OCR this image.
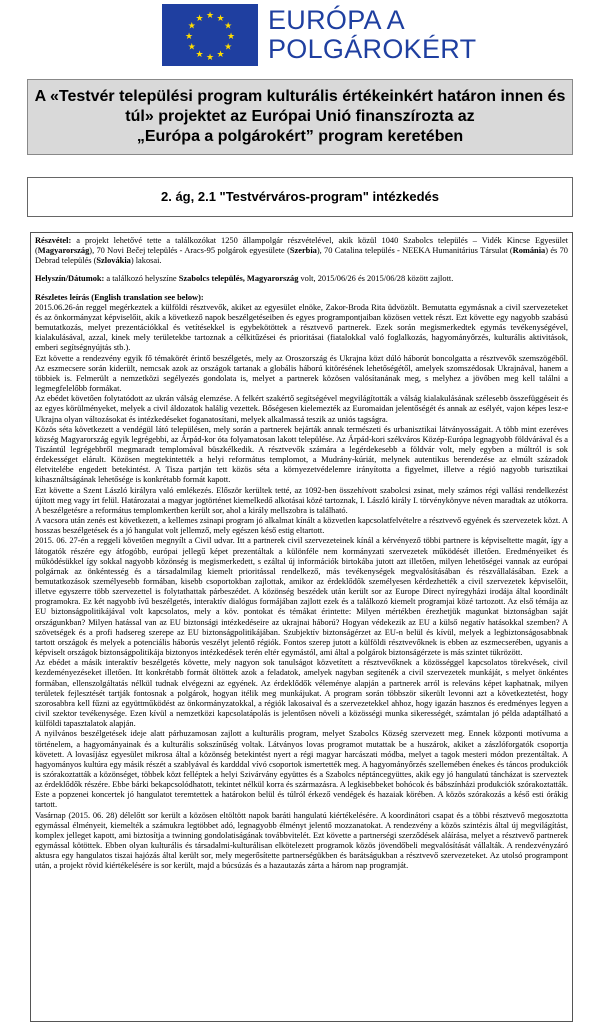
★ ★
★
★
★
★
★
★
★
★
★
★ EURÓPA A
POLGÁROKÉRT
A «Testvér települési program kulturális értékeinkért határon innen és
túl» projektet az Európai Unió finanszírozta az
„Európa a polgárokért” program keretében
2. ág, 2.1 "Testvérváros-program" intézkedés

Részvétel: a projekt lehetővé tette a találkozókat 1250 állampolgár részvételével, akik közül 1040 Szabolcs település – Vidék Kincse Egyesület (Magyarország), 70 Novi Bečej település - Aracs-95 polgárok egyesülete (Szerbia), 70 Catalina település - NEEKA Humanitárius Társulat (Románia) és 70 Debrad település (Szlovákia) lakosai.

Helyszín/Dátumok: a találkozó helyszíne Szabolcs település, Magyarország volt, 2015/06/26 és 2015/06/28 között zajlott.

Részletes leírás (English translation see below):

2015.06.26-án reggel megérkeztek a külföldi résztvevők, akiket az egyesület elnöke, Zakor-Broda Rita üdvözölt. Bemutatta egymásnak a civil szervezeteket és az önkormányzat képviselőit, akik a következő napok beszélgetéseiben és egyes programpontjaiban közösen vettek részt. Ezt követte egy nagyobb szabású bemutatkozás, melyet prezentációkkal és vetítésekkel is egybekötöttek a résztvevő partnerek. Ezek során megismerkedtek egymás tevékenységével, kialakulásával, azzal, kinek mely területekbe tartoznak a célkitűzései és prioritásai (fiatalokkal való foglalkozás, hagyományőrzés, kulturális aktivitások, emberi segítségnyújtás stb.).

Ezt követte a rendezvény egyik fő témakörét érintő beszélgetés, mely az Oroszország és Ukrajna közt dúló háborút boncolgatta a résztvevők szemszögéből. Az eszmecsere során kiderült, nemcsak azok az országok tartanak a globális háború kitörésének lehetőségétől, amelyek szomszédosak Ukrajnával, hanem a többiek is. Felmerült a nemzetközi segélyezés gondolata is, melyet a partnerek közösen valósítanának meg, s melyhez a jövőben meg kell találni a legmegfelelőbb formákat.

Az ebédet követően folytatódott az ukrán válság elemzése. A felkért szakértő segítségével megvilágították a válság kialakulásának szélesebb összefüggéseit és az egyes körülményeket, melyek a civil áldozatok halálig vezettek. Bőségesen kielemezték az Euromaidan jelentőségét és annak az esélyét, vajon képes lesz-e Ukrajna olyan változásokat és intézkedéseket foganatosítani, melyek alkalmassá teszik az uniós tagságra.

Közös séta következett a vendégül látó településen, mely során a partnerek bejárták annak természeti és urbanisztikai látványosságait. A több mint ezeréves község Magyarország egyik legrégebbi, az Árpád-kor óta folyamatosan lakott települése. Az Árpád-kori székváros Közép-Európa legnagyobb földvárával és a Tiszántúl legrégebbről megmaradt templomával büszkélkedik. A résztvevők számára a legérdekesebb a földvár volt, mely egyben a múltról is sok érdekességet elárult. Közösen megtekintették a helyi református templomot, a Mudrány-kúriát, melynek autentikus berendezése az elmúlt századok életvitelébe engedett betekintést. A Tisza partján tett közös séta a környezetvédelemre irányította a figyelmet, illetve a régió nagyobb turisztikai kihasználtságának lehetősége is konkrétabb formát kapott.

Ezt követte a Szent László királyra való emlékezés. Először kerültek tetté, az 1092-ben összehívott szabolcsi zsinat, mely számos régi vallási rendelkezést újított meg vagy írt felül. Határozatai a magyar jogtörténet kiemelkedő alkotásai közé tartoznak, I. László király I. törvénykönyve néven maradtak az utókorra. A beszélgetésre a református templomkertben került sor, ahol a király mellszobra is található.

A vacsora után zenés est következett, a kellemes zsinapi program jó alkalmat kínált a közvetlen kapcsolatfelvételre a résztvevő egyének és szervezetek közt. A hosszas beszélgetések és a jó hangulat volt jellemző, mely egészen késő estig eltartott.

2015. 06. 27-én a reggeli követően megnyílt a Civil udvar. Itt a partnerek civil szervezeteinek kínál a kérvényező többi partnere is képviseltette magát, így a látogatók részére egy átfogóbb, európai jellegű képet prezentáltak a különféle nem kormányzati szervezetek működését illetően. Eredményeiket és működésükkel így sokkal nagyobb közönség is megismerkedett, s ezáltal új információk birtokába jutott azt illetően, milyen lehetőségei vannak az európai polgárnak az önkéntesség és a társadalmilag kiemelt prioritással rendelkező, más tevékenységek megvalósításában és részvállalásában. Ezek a bemutatkozások személyesebb formában, kisebb csoportokban zajlottak, amikor az érdeklődők személyesen kérdezhették a civil szervezetek képviselőit, illetve egyszerre több szervezettel is folytathattak párbeszédet. A közönség beszédek után került sor az Europe Direct nyíregyházi irodája által koordinált programokra. Ez két nagyobb ívű beszélgetés, interaktív dialógus formájában zajlott ezek és a találkozó kiemelt programjai közé tartozott. Az első témája az EU biztonságpolitikájával volt kapcsolatos, mely a köv. pontokat és témákat érintette: Milyen mértékben érezhetjük magunkat biztonságban saját országunkban? Milyen hatással van az EU biztonsági intézkedéseire az ukrajnai háború? Hogyan védekezik az EU a külső negatív hatásokkal szemben? A szövetségek és a profi hadsereg szerepe az EU biztonságpolitikájában. Szubjektív biztonságérzet az EU-n belül és kívül, melyek a legbiztonságosabbnak tartott országok és melyek a potenciális háborús veszélyt jelentő régiók. Fontos szerep jutott a külföldi résztvevőknek is ebben az eszmecserében, ugyanis a képviselt országok biztonságpolitikája biztonyos intézkedések terén eltér egymástól, ami által a polgárok biztonságérzete is más szintet tükrözött.

Az ebédet a másik interaktív beszélgetés követte, mely nagyon sok tanulságot közvetített a résztvevőknek a közösséggel kapcsolatos törekvések, civil kezdeményezéseket illetően. Itt konkrétabb formát öltöttek azok a feladatok, amelyek nagyban segítenék a civil szervezetek munkáját, s melyet önkéntes formában, ellenszolgáltatás nélkül tudnak elvégezni az egyének. Az érdeklődők véleménye alapján a partnerek arról is releváns képet kaphatnak, milyen területek fejlesztését tartják fontosnak a polgárok, hogyan itélik meg munkájukat. A program során többször sikerült levonni azt a következtetést, hogy szorosabbra kell fűzni az együttműködést az önkormányzatokkal, a régiók lakosaival és a szervezetekkel ahhoz, hogy igazán hasznos és eredményes legyen a civil szektor tevékenysége. Ezen kívül a nemzetközi kapcsolatápolás is jelentősen növeli a közösségi munka sikerességét, számtalan jó példa adaptálható a külföldi tapasztalatok alapján.

A nyilvános beszélgetések ideje alatt párhuzamosan zajlott a kulturális program, melyet Szabolcs Község szervezett meg. Ennek központi motívuma a történelem, a hagyományainak és a kulturális sokszínűség voltak. Látványos lovas programot mutattak be a huszárok, akiket a zászlóforgatók csoportja követett. A lovasíjász egyesület mikrosa által a közönség betekintést nyert a régi magyar harcászati módba, melyet a tagok mesteri módon prezentáltak. A hagyományos kultúra egy másik részét a szablyával és kardddal vívó csoportok ismertették meg. A hagyományőrzés szellemében énekes és táncos produkciók is szórakoztatták a közönséget, többek közt felléptek a helyi Szivárvány együttes és a Szabolcs néptáncegyüttes, akik egy jó hangulatú táncházat is szerveztek az érdeklődők részére. Ebbe bárki bekapcsolódhatott, tekintet nélkül korra és származásra. A legkisebbeket bohócok és bábszínházi produkciók szórakoztatták. Este a popzenei koncertek jó hangulatot teremtettek a határokon belül és túlról érkező vendégek és hazaiak körében. A közös szórakozás a késő esti órákig tartott.

Vasárnap (2015. 06. 28) délelőtt sor került a közösen eltöltött napok baráti hangulatú kiértékelésére. A koordinátori csapat és a többi résztvevő megosztotta egymással élményeit, kiemelték a számukra legtöbbet adó, legnagyobb élményt jelentő mozzanatokat. A rendezvény a közös szintézis által új megvilágítást, komplex jelleget kapott, ami biztosítja a twinning gondolatiságának továbbvitelét. Ezt követte a partnerségi szerződések aláírása, melyet a résztvevő partnerek egymással kötöttek. Ebben olyan kulturális és társadalmi-kulturálisan elkötelezett programok közös jövendőbeli megvalósítását vállalták. A rendezvényzáró aktusra egy hangulatos tiszai hajózás által került sor, mely megerősítette partnerségükben és barátságukban a résztvevő szervezeteket. Az utolsó programpont után, a projekt rövid kiértékelésére is sor került, majd a búcsúzás és a hazautazás zárta a három nap programját.
